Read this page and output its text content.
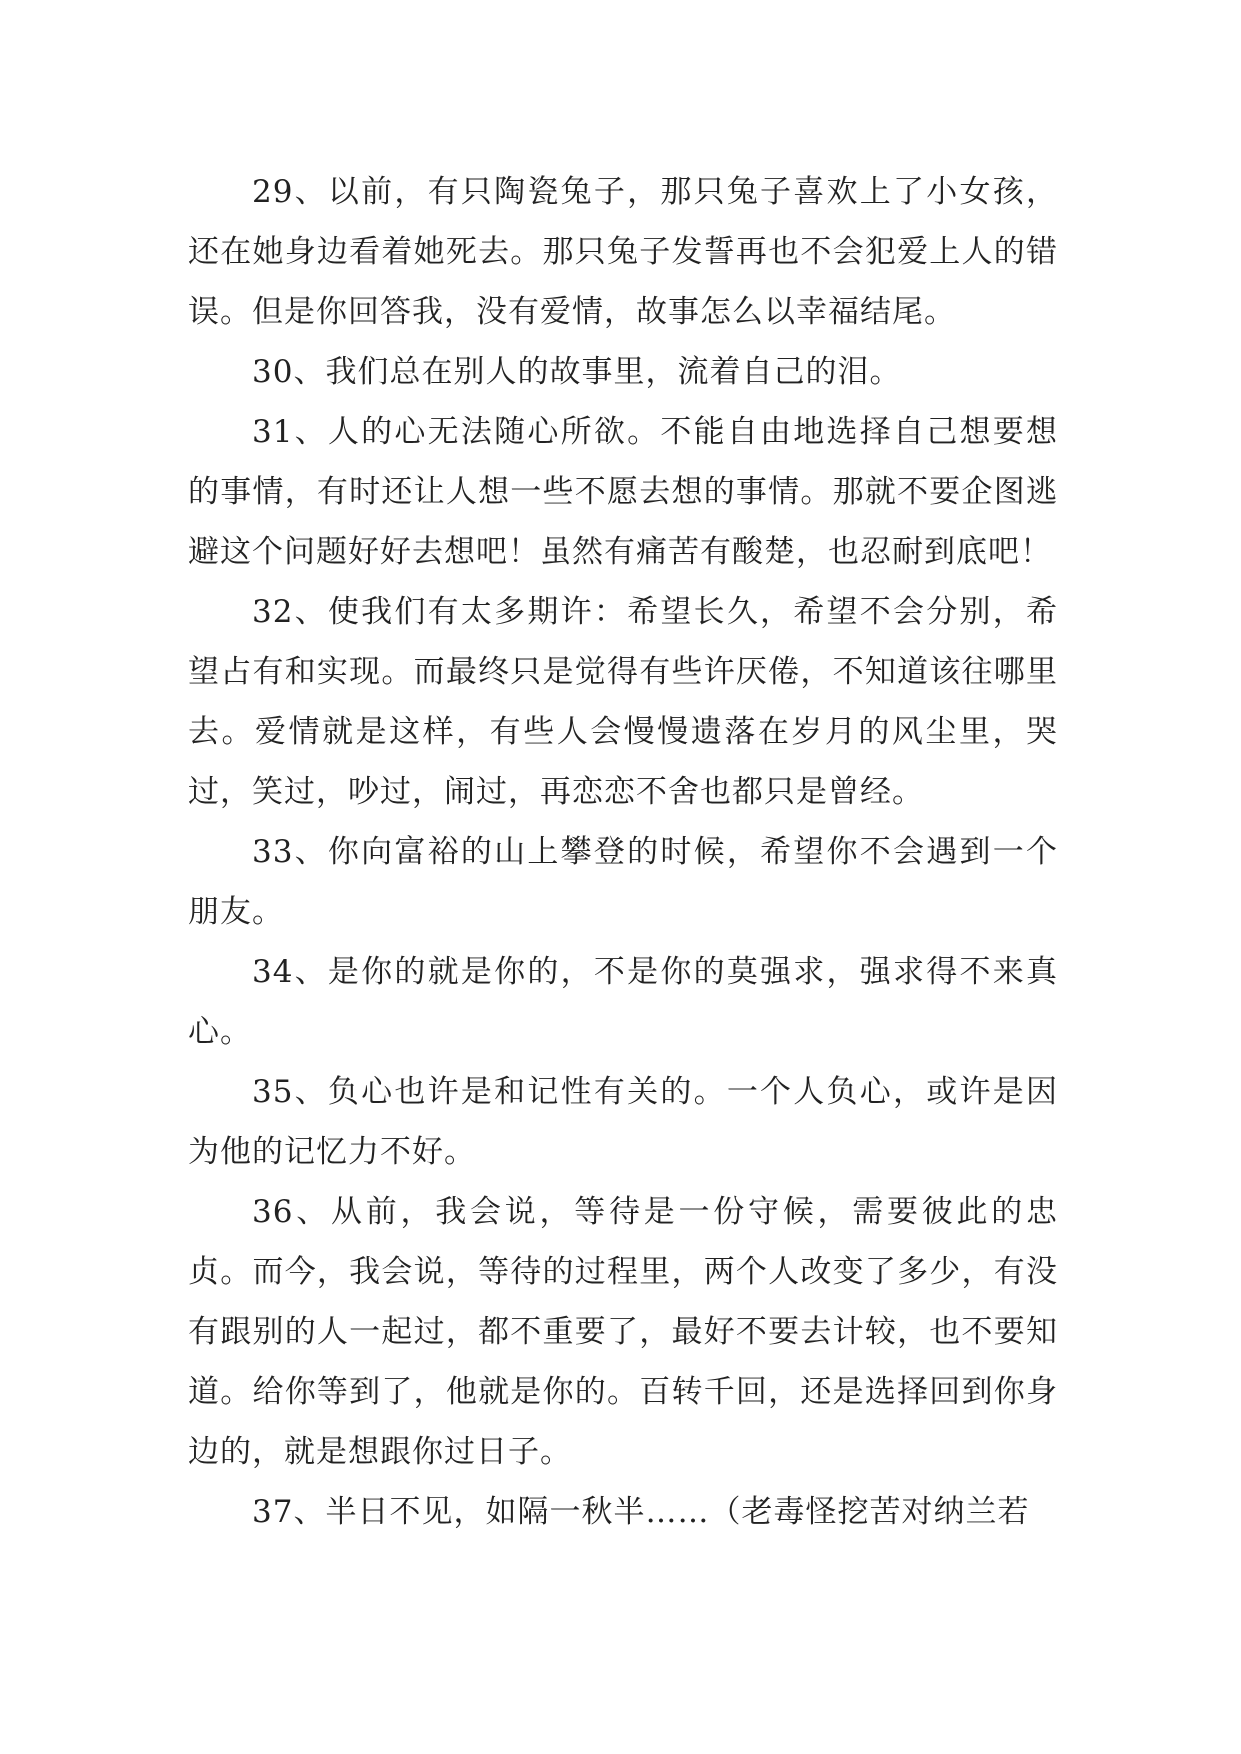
29、以前，有只陶瓷兔子，那只兔子喜欢上了小女孩，还在她身边看着她死去。那只兔子发誓再也不会犯爱上人的错误。但是你回答我，没有爱情，故事怎么以幸福结尾。

30、我们总在别人的故事里，流着自己的泪。

31、人的心无法随心所欲。不能自由地选择自己想要想的事情，有时还让人想一些不愿去想的事情。那就不要企图逃避这个问题好好去想吧！虽然有痛苦有酸楚，也忍耐到底吧！

32、使我们有太多期许：希望长久，希望不会分别，希望占有和实现。而最终只是觉得有些许厌倦，不知道该往哪里去。爱情就是这样，有些人会慢慢遗落在岁月的风尘里，哭过，笑过，吵过，闹过，再恋恋不舍也都只是曾经。

33、你向富裕的山上攀登的时候，希望你不会遇到一个朋友。

34、是你的就是你的，不是你的莫强求，强求得不来真心。

35、负心也许是和记性有关的。一个人负心，或许是因为他的记忆力不好。

36、从前，我会说，等待是一份守候，需要彼此的忠贞。而今，我会说，等待的过程里，两个人改变了多少，有没有跟别的人一起过，都不重要了，最好不要去计较，也不要知道。给你等到了，他就是你的。百转千回，还是选择回到你身边的，就是想跟你过日子。

37、半日不见，如隔一秋半……（老毒怪挖苦对纳兰若
